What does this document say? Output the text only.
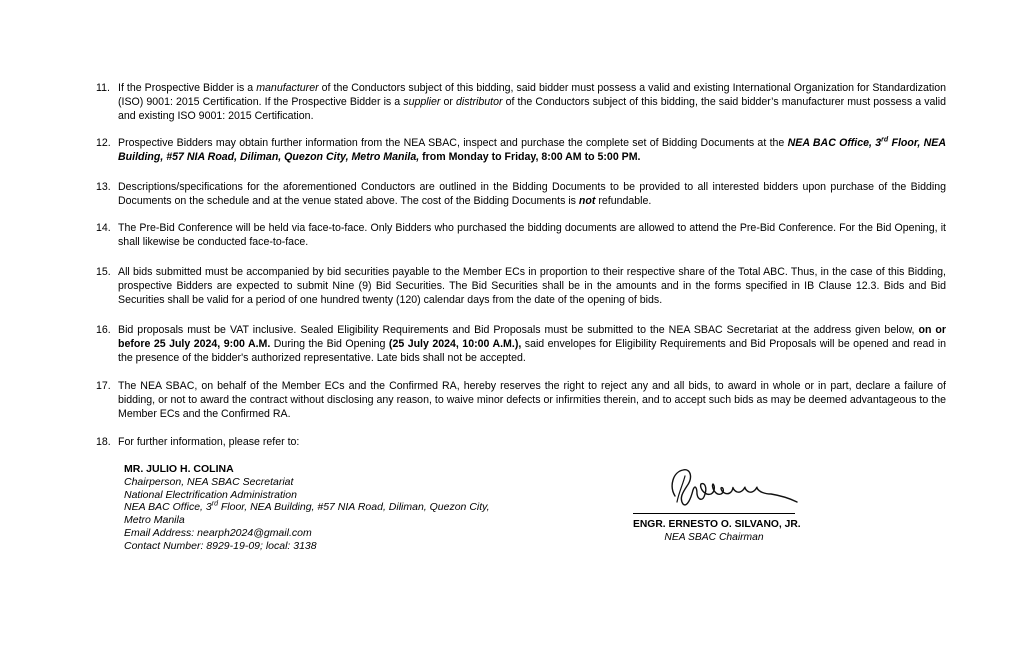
11. If the Prospective Bidder is a manufacturer of the Conductors subject of this bidding, said bidder must possess a valid and existing International Organization for Standardization (ISO) 9001: 2015 Certification. If the Prospective Bidder is a supplier or distributor of the Conductors subject of this bidding, the said bidder’s manufacturer must possess a valid and existing ISO 9001: 2015 Certification.
12. Prospective Bidders may obtain further information from the NEA SBAC, inspect and purchase the complete set of Bidding Documents at the NEA BAC Office, 3rd Floor, NEA Building, #57 NIA Road, Diliman, Quezon City, Metro Manila, from Monday to Friday, 8:00 AM to 5:00 PM.
13. Descriptions/specifications for the aforementioned Conductors are outlined in the Bidding Documents to be provided to all interested bidders upon purchase of the Bidding Documents on the schedule and at the venue stated above. The cost of the Bidding Documents is not refundable.
14. The Pre-Bid Conference will be held via face-to-face. Only Bidders who purchased the bidding documents are allowed to attend the Pre-Bid Conference. For the Bid Opening, it shall likewise be conducted face-to-face.
15. All bids submitted must be accompanied by bid securities payable to the Member ECs in proportion to their respective share of the Total ABC. Thus, in the case of this Bidding, prospective Bidders are expected to submit Nine (9) Bid Securities. The Bid Securities shall be in the amounts and in the forms specified in IB Clause 12.3. Bids and Bid Securities shall be valid for a period of one hundred twenty (120) calendar days from the date of the opening of bids.
16. Bid proposals must be VAT inclusive. Sealed Eligibility Requirements and Bid Proposals must be submitted to the NEA SBAC Secretariat at the address given below, on or before 25 July 2024, 9:00 A.M. During the Bid Opening (25 July 2024, 10:00 A.M.), said envelopes for Eligibility Requirements and Bid Proposals will be opened and read in the presence of the bidder's authorized representative. Late bids shall not be accepted.
17. The NEA SBAC, on behalf of the Member ECs and the Confirmed RA, hereby reserves the right to reject any and all bids, to award in whole or in part, declare a failure of bidding, or not to award the contract without disclosing any reason, to waive minor defects or infirmities therein, and to accept such bids as may be deemed advantageous to the Member ECs and the Confirmed RA.
18. For further information, please refer to:
MR. JULIO H. COLINA
Chairperson, NEA SBAC Secretariat
National Electrification Administration
NEA BAC Office, 3rd Floor, NEA Building, #57 NIA Road, Diliman, Quezon City,
Metro Manila
Email Address: nearph2024@gmail.com
Contact Number: 8929-19-09; local: 3138
ENGR. ERNESTO O. SILVANO, JR.
NEA SBAC Chairman
